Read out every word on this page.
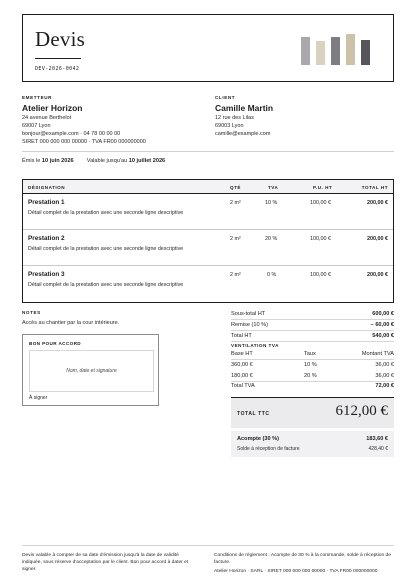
Devis
DEV-2026-0042
EMETTEUR
Atelier Horizon
24 avenue Berthelot
69007 Lyon
bonjour@example.com · 04 78 00 00 00
SIRET 000 000 000 00000 · TVA FR00 000000000
CLIENT
Camille Martin
12 rue des Lilas
69003 Lyon
camille@example.com
Émis le 10 juin 2026 Valable jusqu'au 10 juillet 2026
DÉSIGNATION	QTÉ	TVA	P.U. HT	TOTAL HT
Prestation 1
Détail complet de la prestation avec une seconde ligne descriptive
2 m²	10 %	100,00 €	200,00 €
Prestation 2
Détail complet de la prestation avec une seconde ligne descriptive
2 m²	20 %	100,00 €	200,00 €
Prestation 3
Détail complet de la prestation avec une seconde ligne descriptive
2 m²	0 %	100,00 €	200,00 €
NOTES
Accès au chantier par la cour intérieure.
BON POUR ACCORD
Nom, date et signature
À signer
Sous-total HT	600,00 €
Remise (10 %)	– 60,00 €
Total HT	540,00 €
VENTILATION TVA
Base HT	Taux	Montant TVA
360,00 €	10 %	36,00 €
180,00 €	20 %	36,00 €
Total TVA	72,00 €
TOTAL TTC	612,00 €
Acompte (30 %)	183,60 €
Solde à réception de facture	428,40 €
Devis valable à compter de sa date d'émission jusqu'à la date de validité indiquée, sous réserve d'acceptation par le client. Bon pour accord à dater et signer.
Conditions de règlement : Acompte de 30 % à la commande, solde à réception de facture.
Atelier Horizon · SARL · SIRET 000 000 000 00000 · TVA FR00 000000000
